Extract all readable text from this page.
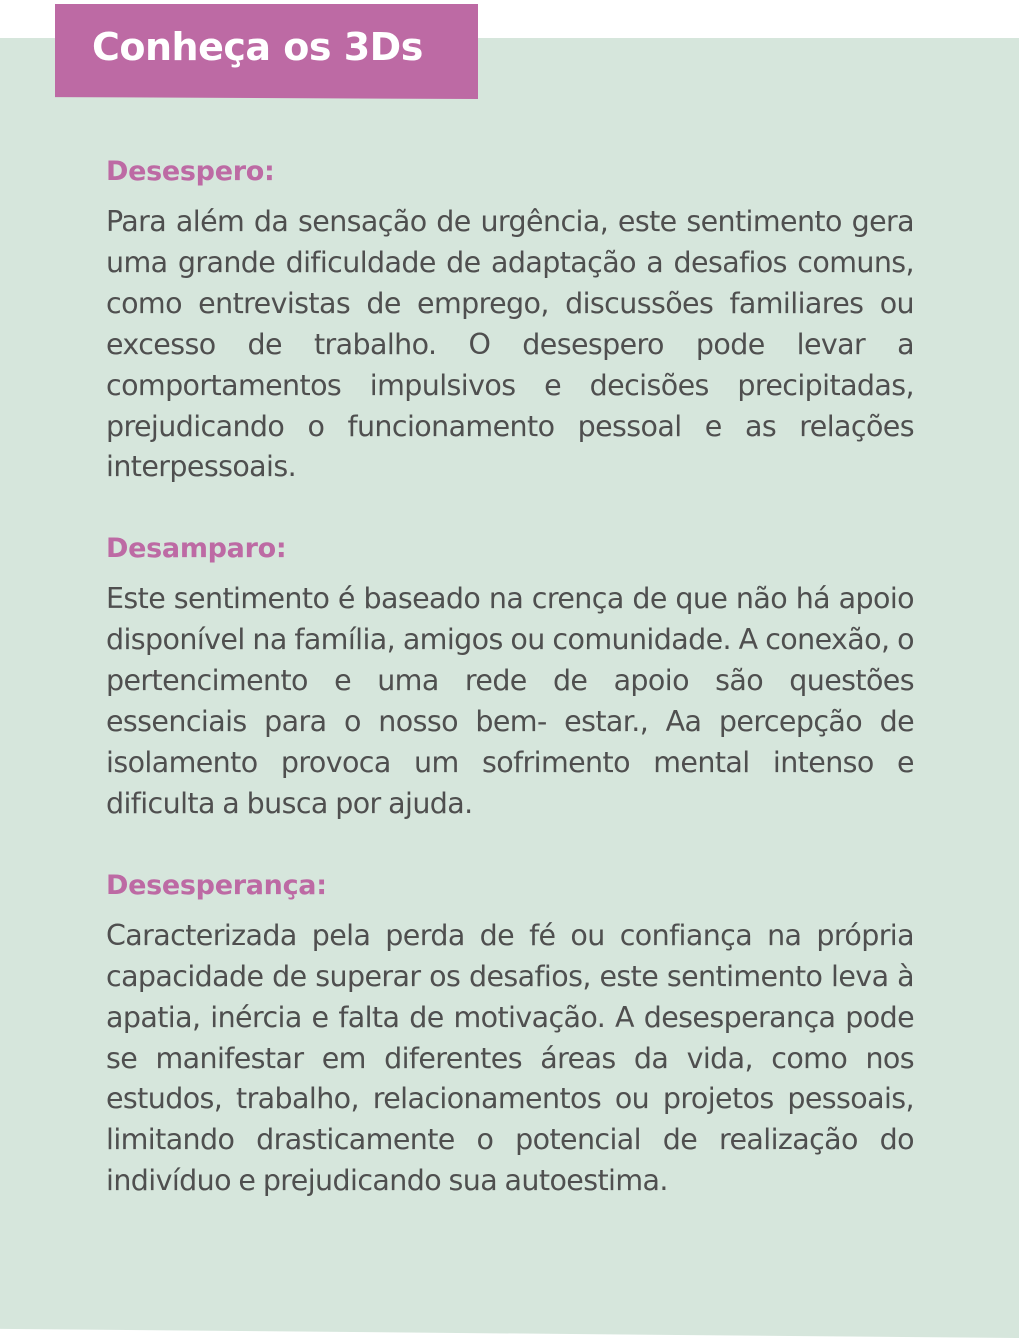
Conheça os 3Ds
Desespero:

Para além da sensação de urgência, este sentimento gera uma grande dificuldade de adaptação a desafios comuns, como entrevistas de emprego, discussões familiares ou excesso de trabalho. O desespero pode levar a comportamentos impulsivos e decisões precipitadas, prejudicando o funcionamento pessoal e as relações interpessoais.

Desamparo:

Este sentimento é baseado na crença de que não há apoio disponível na família, amigos ou comunidade. A conexão, o pertencimento e uma rede de apoio são questões essenciais para o nosso bem- estar., Aa percepção de isolamento provoca um sofrimento mental intenso e dificulta a busca por ajuda.

Desesperança:

Caracterizada pela perda de fé ou confiança na própria capacidade de superar os desafios, este sentimento leva à apatia, inércia e falta de motivação. A desesperança pode se manifestar em diferentes áreas da vida, como nos estudos, trabalho, relacionamentos ou projetos pessoais, limitando drasticamente o potencial de realização do indivíduo e prejudicando sua autoestima.
